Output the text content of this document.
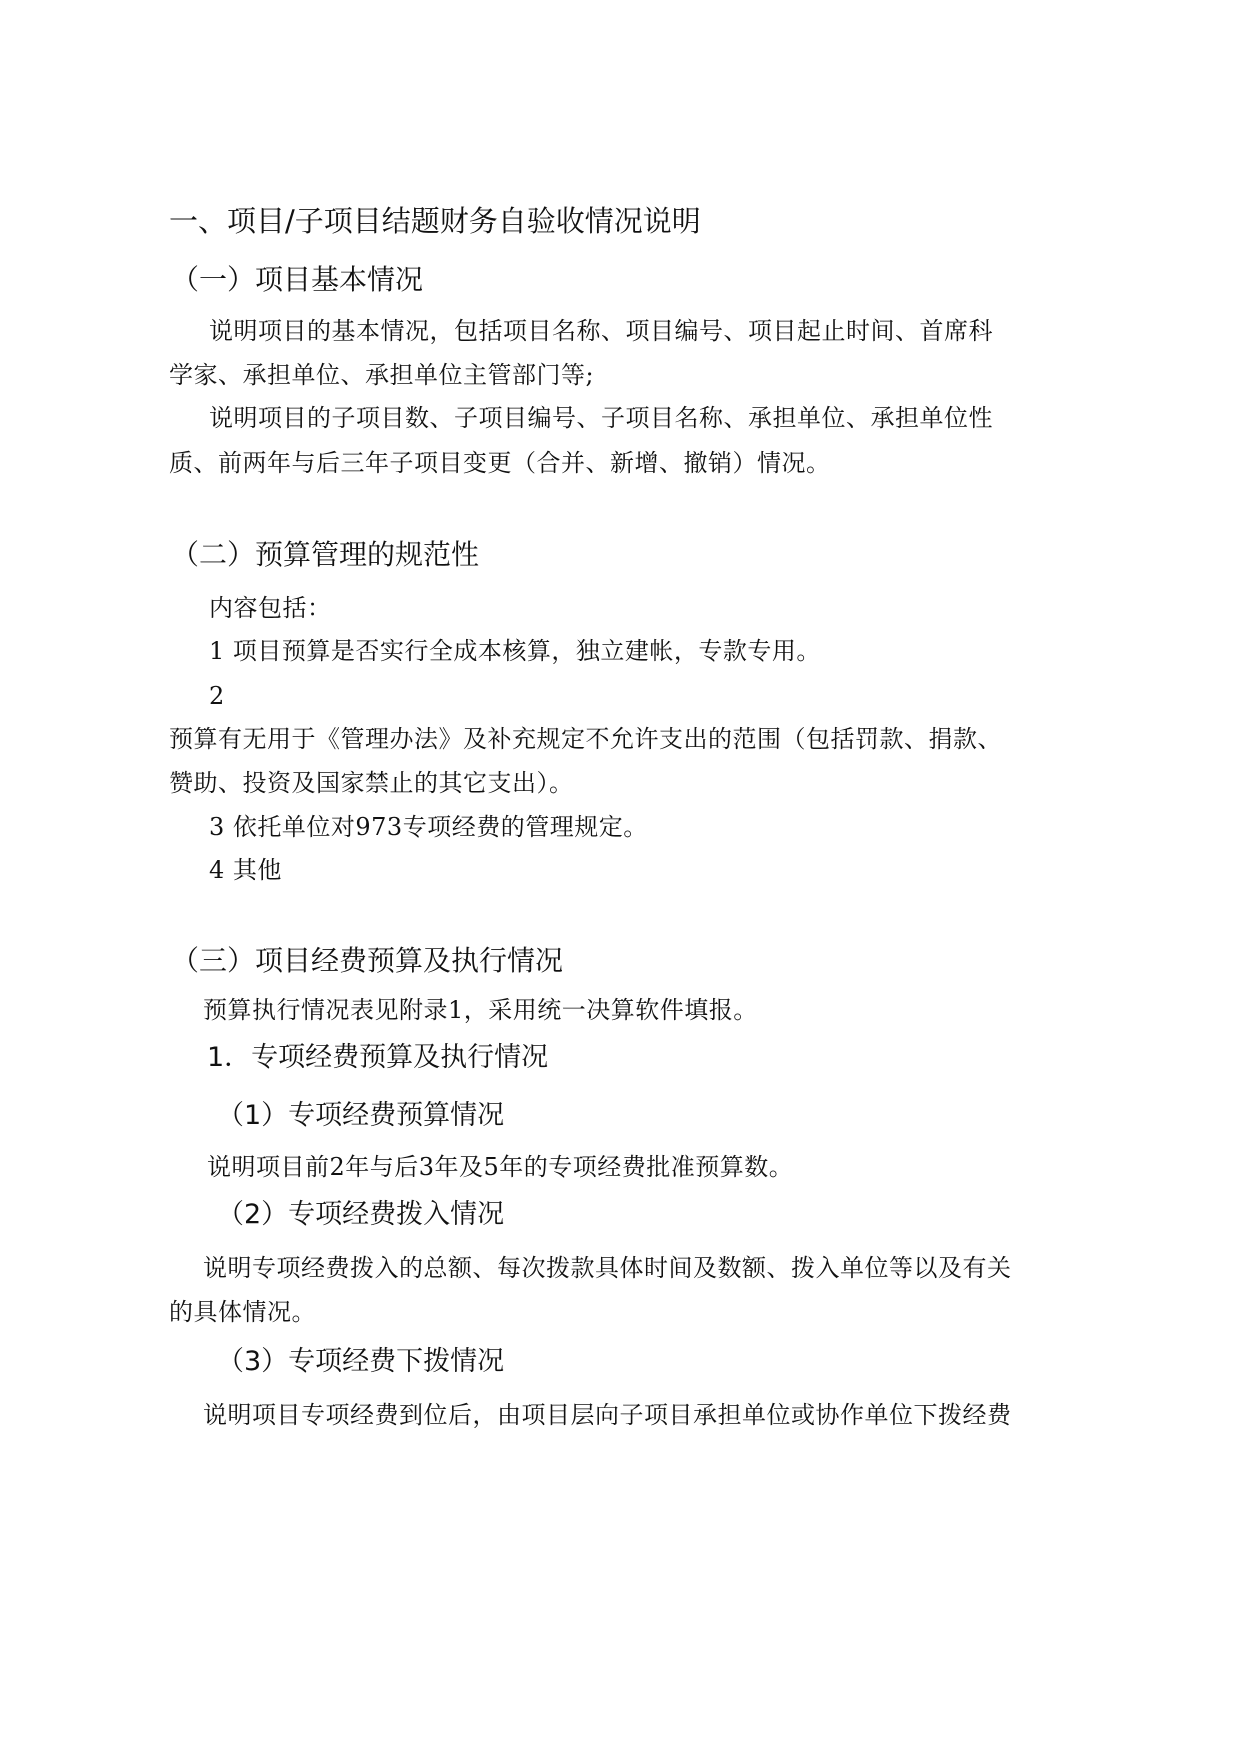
一、项目/子项目结题财务自验收情况说明
（一）项目基本情况
说明项目的基本情况，包括项目名称、项目编号、项目起止时间、首席科
学家、承担单位、承担单位主管部门等;
说明项目的子项目数、子项目编号、子项目名称、承担单位、承担单位性
质、前两年与后三年子项目变更（合并、新增、撤销）情况。
（二）预算管理的规范性
内容包括：
1 项目预算是否实行全成本核算，独立建帐，专款专用。
2
预算有无用于《管理办法》及补充规定不允许支出的范围（包括罚款、捐款、
赞助、投资及国家禁止的其它支出）。
3 依托单位对973专项经费的管理规定。
4 其他
（三）项目经费预算及执行情况
预算执行情况表见附录1，采用统一决算软件填报。
1．专项经费预算及执行情况
（1）专项经费预算情况
说明项目前2年与后3年及5年的专项经费批准预算数。
（2）专项经费拨入情况
说明专项经费拨入的总额、每次拨款具体时间及数额、拨入单位等以及有关
的具体情况。
（3）专项经费下拨情况
说明项目专项经费到位后，由项目层向子项目承担单位或协作单位下拨经费
